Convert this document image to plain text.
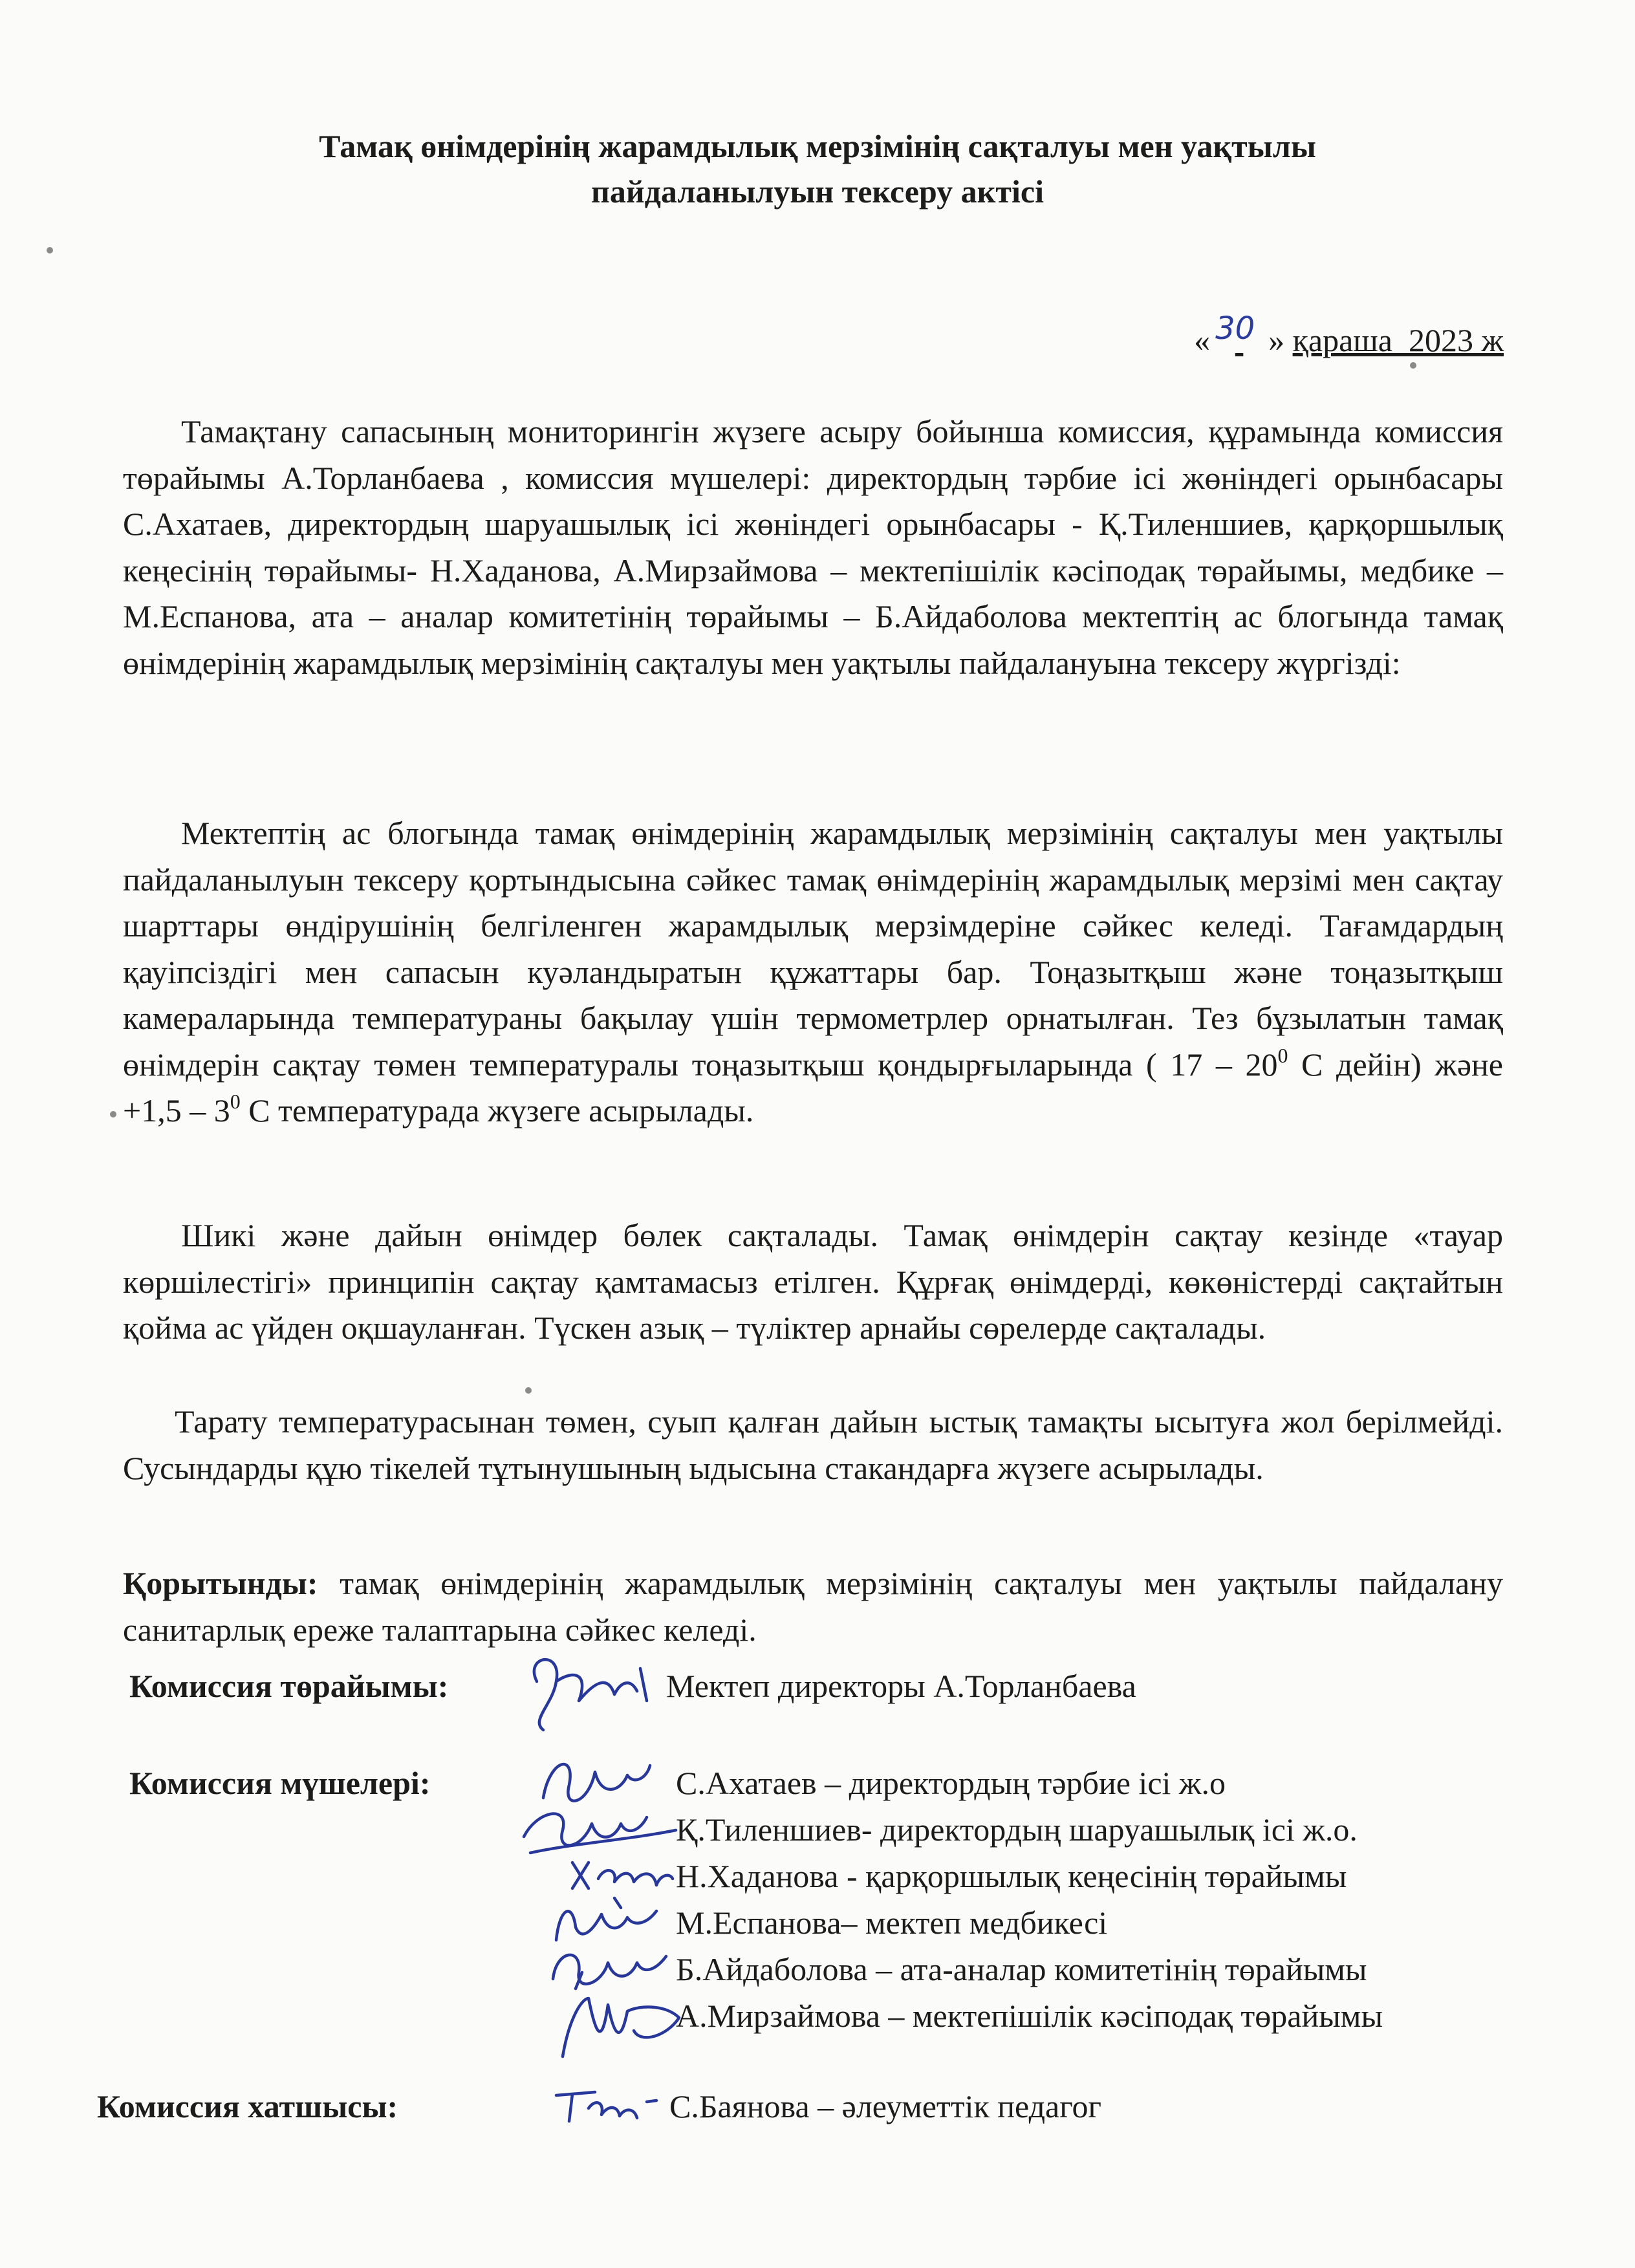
Тамақ өнімдерінің жарамдылық мерзімінің сақталуы мен уақтылы
пайдаланылуын тексеру актісі
« 30 » қараша  2023 ж

Тамақтану сапасының мониторингін жүзеге асыру бойынша комиссия, құрамында комиссия төрайымы А.Торланбаева , комиссия мүшелері: директордың тәрбие ісі жөніндегі орынбасары С.Ахатаев, директордың шаруашылық ісі жөніндегі орынбасары - Қ.Тиленшиев, қарқоршылық кеңесінің төрайымы- Н.Хаданова, А.Мирзаймова – мектепішілік кәсіподақ төрайымы, медбике – М.Еспанова, ата – аналар комитетінің төрайымы – Б.Айдаболова мектептің ас блогында тамақ өнімдерінің жарамдылық мерзімінің сақталуы мен уақтылы пайдалануына тексеру жүргізді:

Мектептің ас блогында тамақ өнімдерінің жарамдылық мерзімінің сақталуы мен уақтылы пайдаланылуын тексеру қортындысына сәйкес тамақ өнімдерінің жарамдылық мерзімі мен сақтау шарттары өндірушінің белгіленген жарамдылық мерзімдеріне сәйкес келеді. Тағамдардың қауіпсіздігі мен сапасын куәландыратын құжаттары бар. Тоңазытқыш және тоңазытқыш камераларында температураны бақылау үшін термометрлер орнатылған. Тез бұзылатын тамақ өнімдерін сақтау төмен температуралы тоңазытқыш қондырғыларында ( $17 - 20^0$ С дейін) және $+1,5 - 3^0$ С температурада жүзеге асырылады.

Шикі және дайын өнімдер бөлек сақталады. Тамақ өнімдерін сақтау кезінде «тауар көршілестігі» принципін сақтау қамтамасыз етілген. Құрғақ өнімдерді, көкөністерді сақтайтын қойма ас үйден оқшауланған. Түскен азық – түліктер арнайы сөрелерде сақталады.

Тарату температурасынан төмен, суып қалған дайын ыстық тамақты ысытуға жол берілмейді. Сусындарды құю тікелей тұтынушының ыдысына стакандарға жүзеге асырылады.

Қорытынды: тамақ өнімдерінің жарамдылық мерзімінің сақталуы мен уақтылы пайдалану санитарлық ереже талаптарына сәйкес келеді.

Комиссия төрайымы:	Мектеп директоры А.Торланбаева
Комиссия мүшелері:	С.Ахатаев – директордың тәрбие ісі ж.о
Қ.Тиленшиев- директордың шаруашылық ісі ж.о.
Н.Хаданова - қарқоршылық кеңесінің төрайымы
М.Еспанова– мектеп медбикесі
Б.Айдаболова – ата-аналар комитетінің төрайымы
А.Мирзаймова – мектепішілік кәсіподақ төрайымы
Комиссия хатшысы:	С.Баянова – әлеуметтік педагог
